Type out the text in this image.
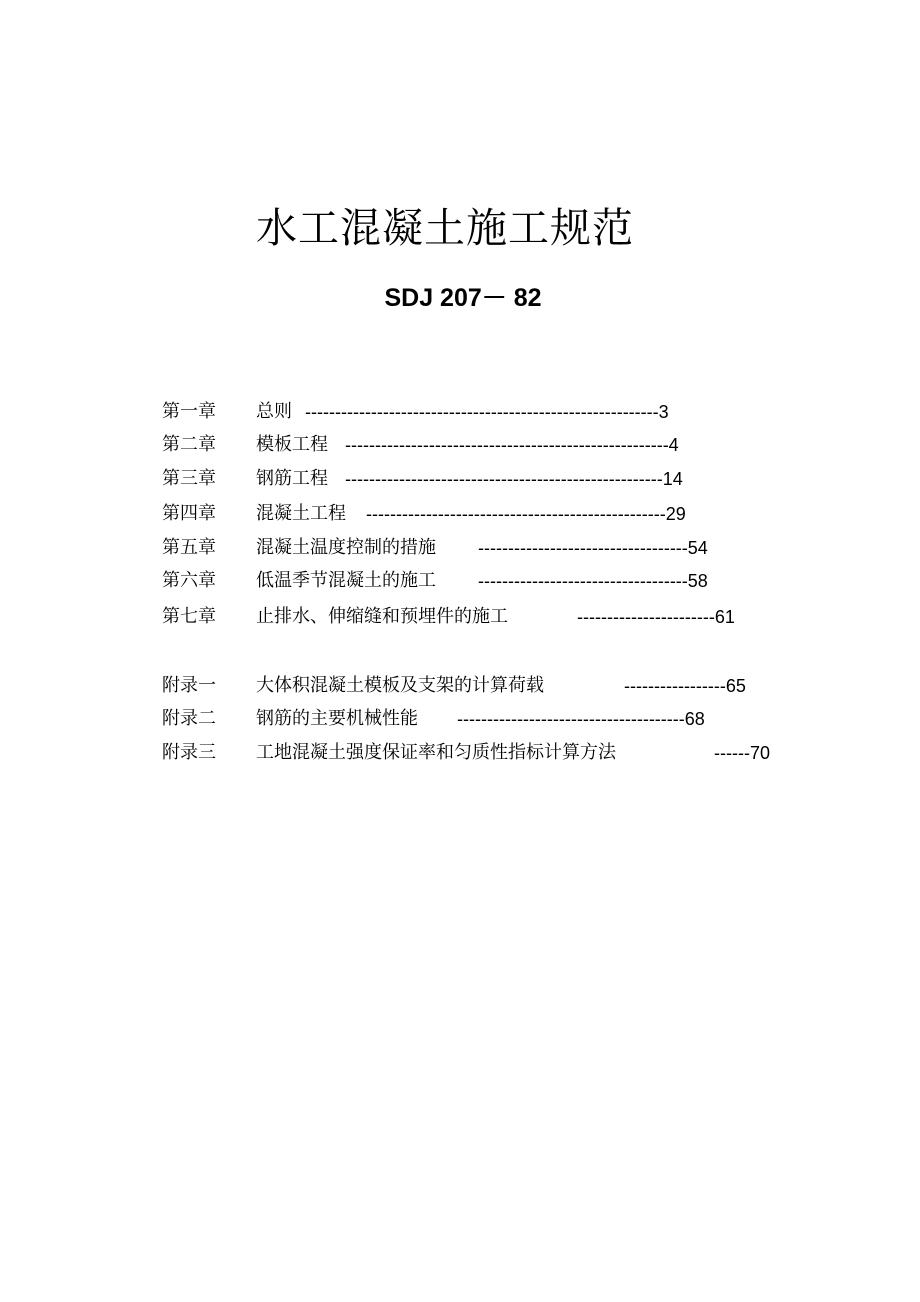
水工混凝土施工规范
SDJ 207－ 82
第一章 总则 -----------------------------------------------------------3
第二章 模板工程 ------------------------------------------------------4
第三章 钢筋工程 -----------------------------------------------------14
第四章 混凝土工程 --------------------------------------------------29
第五章 混凝土温度控制的措施 -----------------------------------54
第六章 低温季节混凝土的施工 -----------------------------------58
第七章 止排水、伸缩缝和预埋件的施工	-----------------------61
附录一 大体积混凝土模板及支架的计算荷载	-----------------65
附录二 钢筋的主要机械性能 --------------------------------------68
附录三 工地混凝土强度保证率和匀质性指标计算方法	------70
